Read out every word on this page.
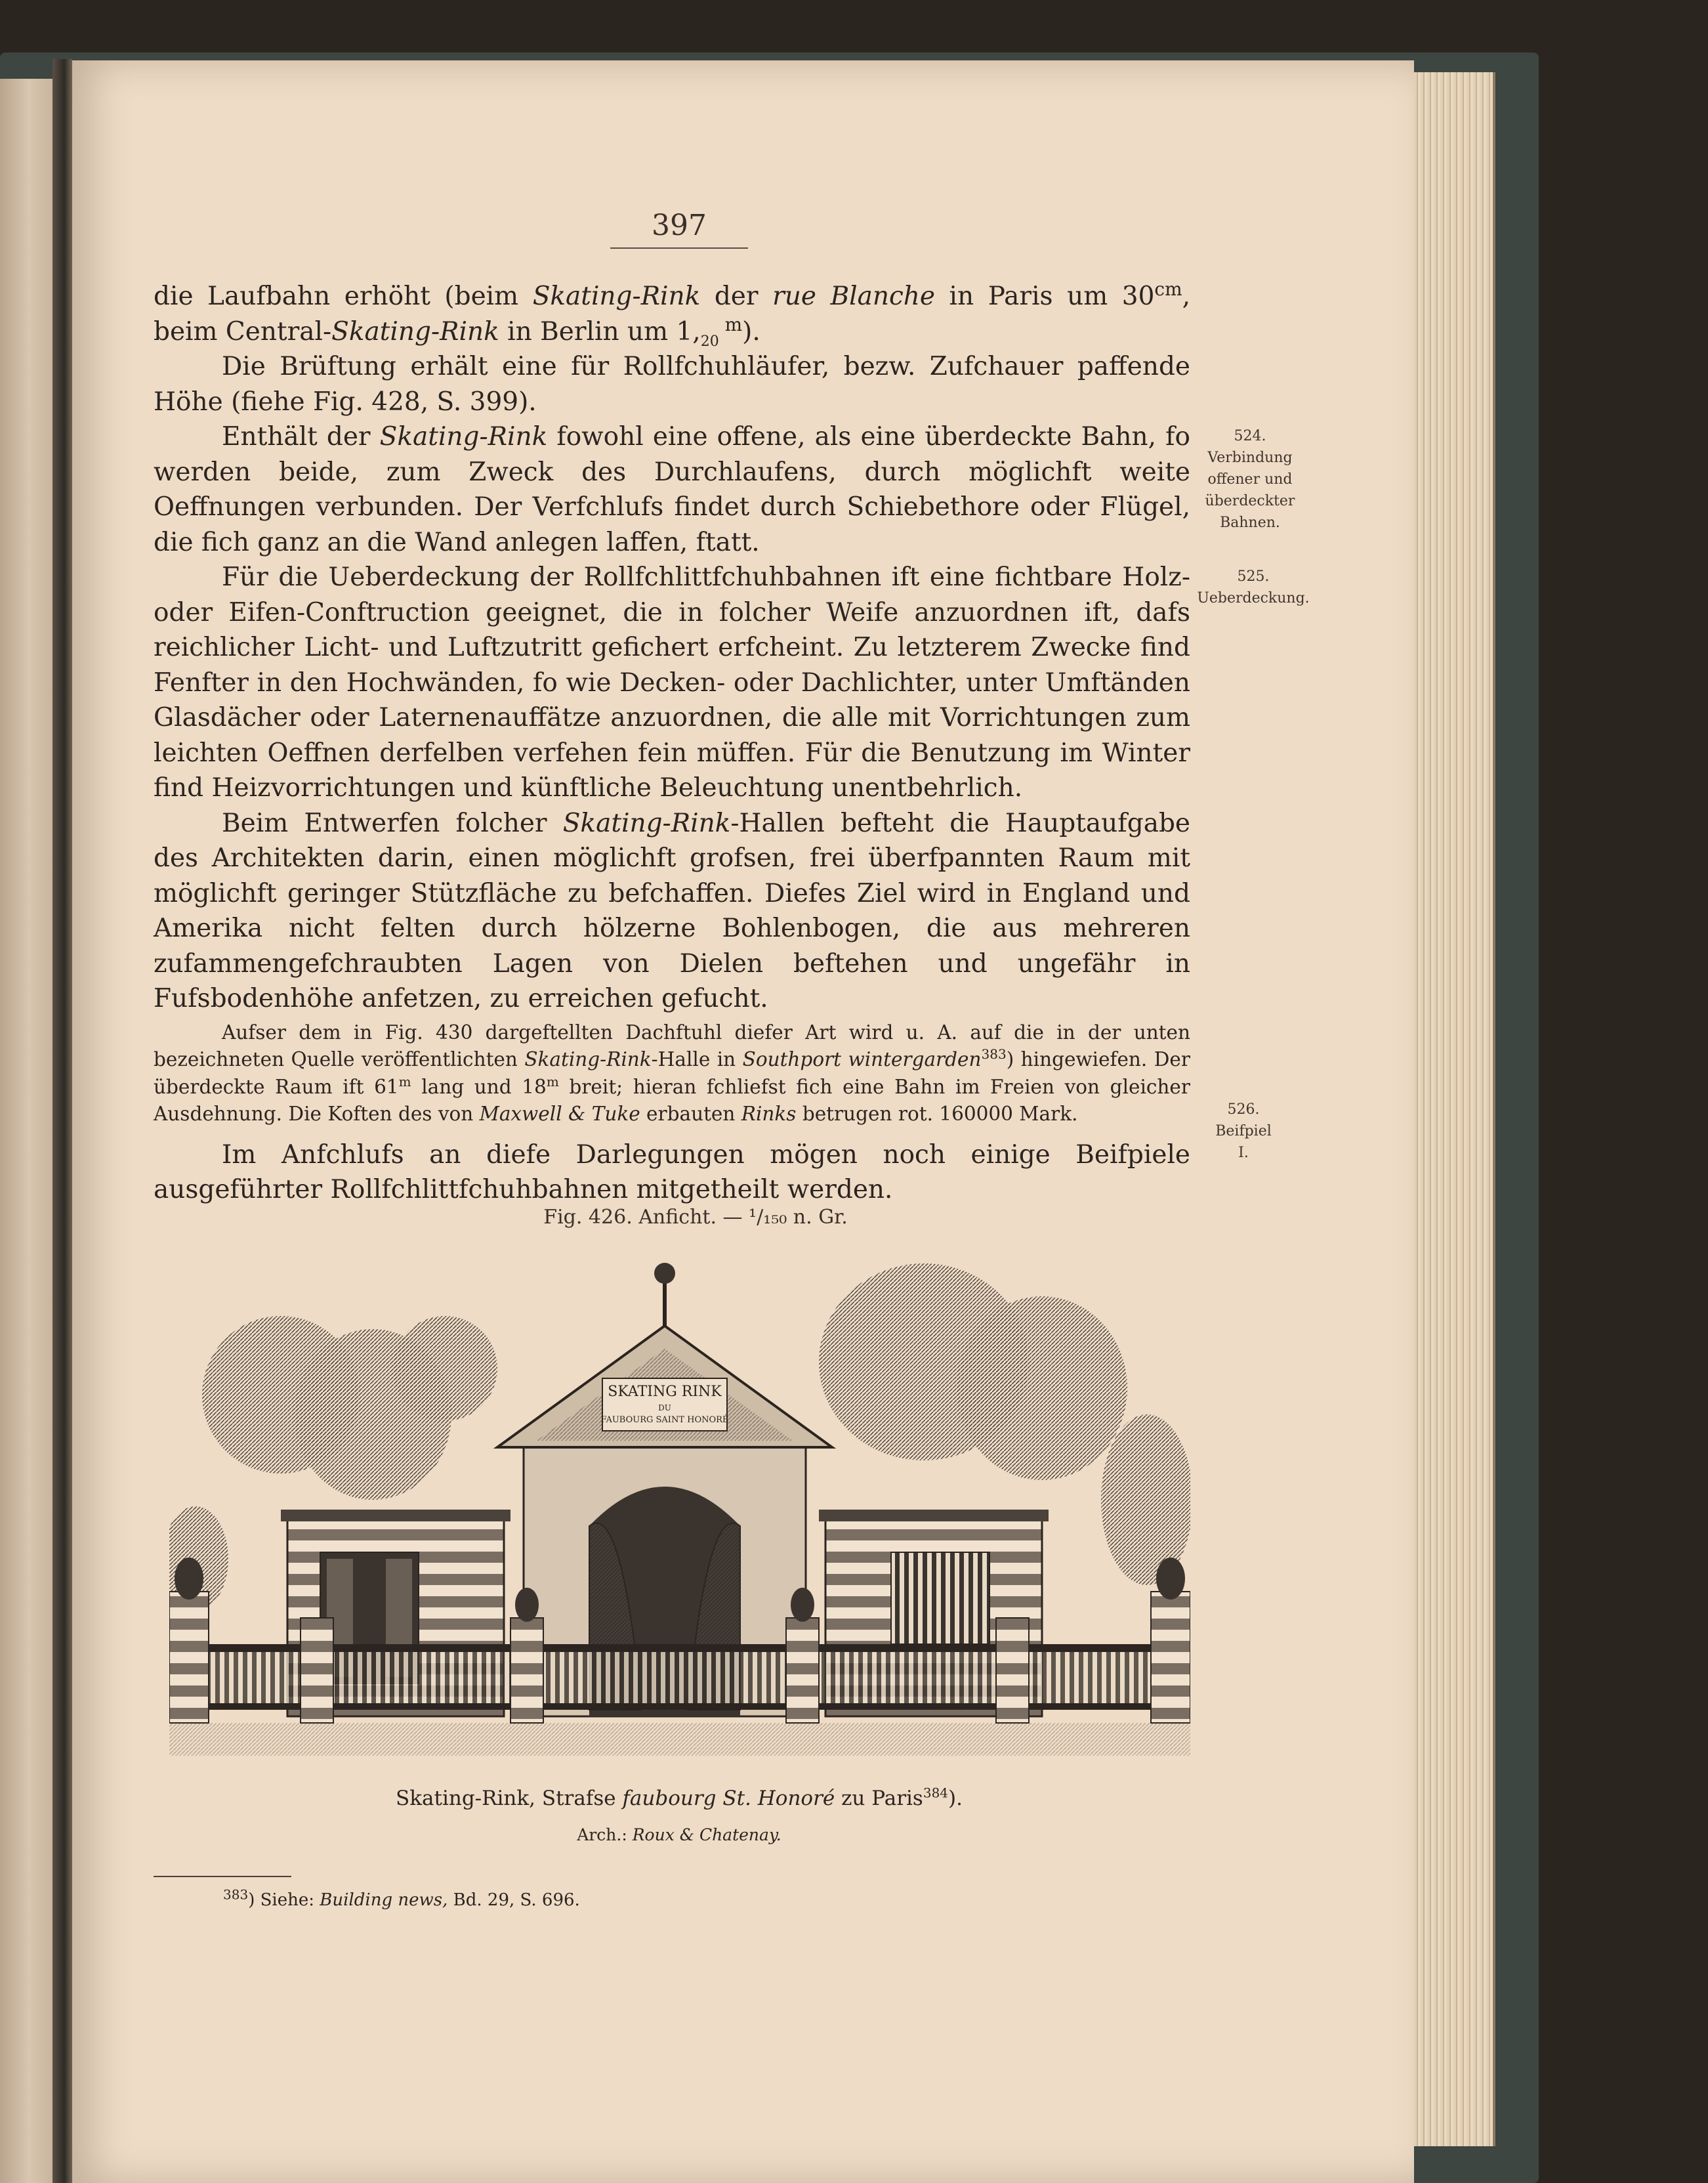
397

die Laufbahn erhöht (beim Skating-Rink der rue Blanche in Paris um $30^{cm}$, beim Central-Skating-Rink in Berlin um $1,_{20}$ $^m$).

Die Brüftung erhält eine für Rollfchuhläufer, bezw. Zufchauer paffende Höhe (fiehe Fig. 428, S. 399).

Enthält der Skating-Rink fowohl eine offene, als eine überdeckte Bahn, fo werden beide, zum Zweck des Durchlaufens, durch möglichft weite Oeffnungen verbunden. Der Verfchlufs findet durch Schiebethore oder Flügel, die fich ganz an die Wand anlegen laffen, ftatt.

Für die Ueberdeckung der Rollfchlittfchuhbahnen ift eine fichtbare Holz- oder Eifen-Conftruction geeignet, die in folcher Weife anzuordnen ift, dafs reichlicher Licht- und Luftzutritt gefichert erfcheint. Zu letzterem Zwecke find Fenfter in den Hochwänden, fo wie Decken- oder Dachlichter, unter Umftänden Glasdächer oder Laternenauffätze anzuordnen, die alle mit Vorrichtungen zum leichten Oeffnen derfelben verfehen fein müffen. Für die Benutzung im Winter find Heizvorrichtungen und künftliche Beleuchtung unentbehrlich.

Beim Entwerfen folcher Skating-Rink-Hallen befteht die Hauptaufgabe des Architekten darin, einen möglichft grofsen, frei überfpannten Raum mit möglichft geringer Stützfläche zu befchaffen. Diefes Ziel wird in England und Amerika nicht felten durch hölzerne Bohlenbogen, die aus mehreren zufammengefchraubten Lagen von Dielen beftehen und ungefähr in Fufsbodenhöhe anfetzen, zu erreichen gefucht.

Aufser dem in Fig. 430 dargeftellten Dachftuhl diefer Art wird u. A. auf die in der unten bezeichneten Quelle veröffentlichten Skating-Rink-Halle in Southport wintergarden$^{383}$) hingewiefen. Der überdeckte Raum ift 61$^m$ lang und 18$^m$ breit; hieran fchliefst fich eine Bahn im Freien von gleicher Ausdehnung. Die Koften des von Maxwell & Tuke erbauten Rinks betrugen rot. 160000 Mark.

Im Anfchlufs an diefe Darlegungen mögen noch einige Beifpiele ausgeführter Rollfchlittfchuhbahnen mitgetheilt werden.

524.
Verbindung
offener und
überdeckter
Bahnen.
525.
Ueberdeckung.
526.
Beifpiel
I.
Fig. 426. Anficht. — ¹/₁₅₀ n. Gr.
SKATING RINK
DU
FAUBOURG SAINT HONORÉ
Skating-Rink, Strafse faubourg St. Honoré zu Paris$^{384}$).
Arch.: Roux & Chatenay.
$^{383}$) Siehe: Building news, Bd. 29, S. 696.
